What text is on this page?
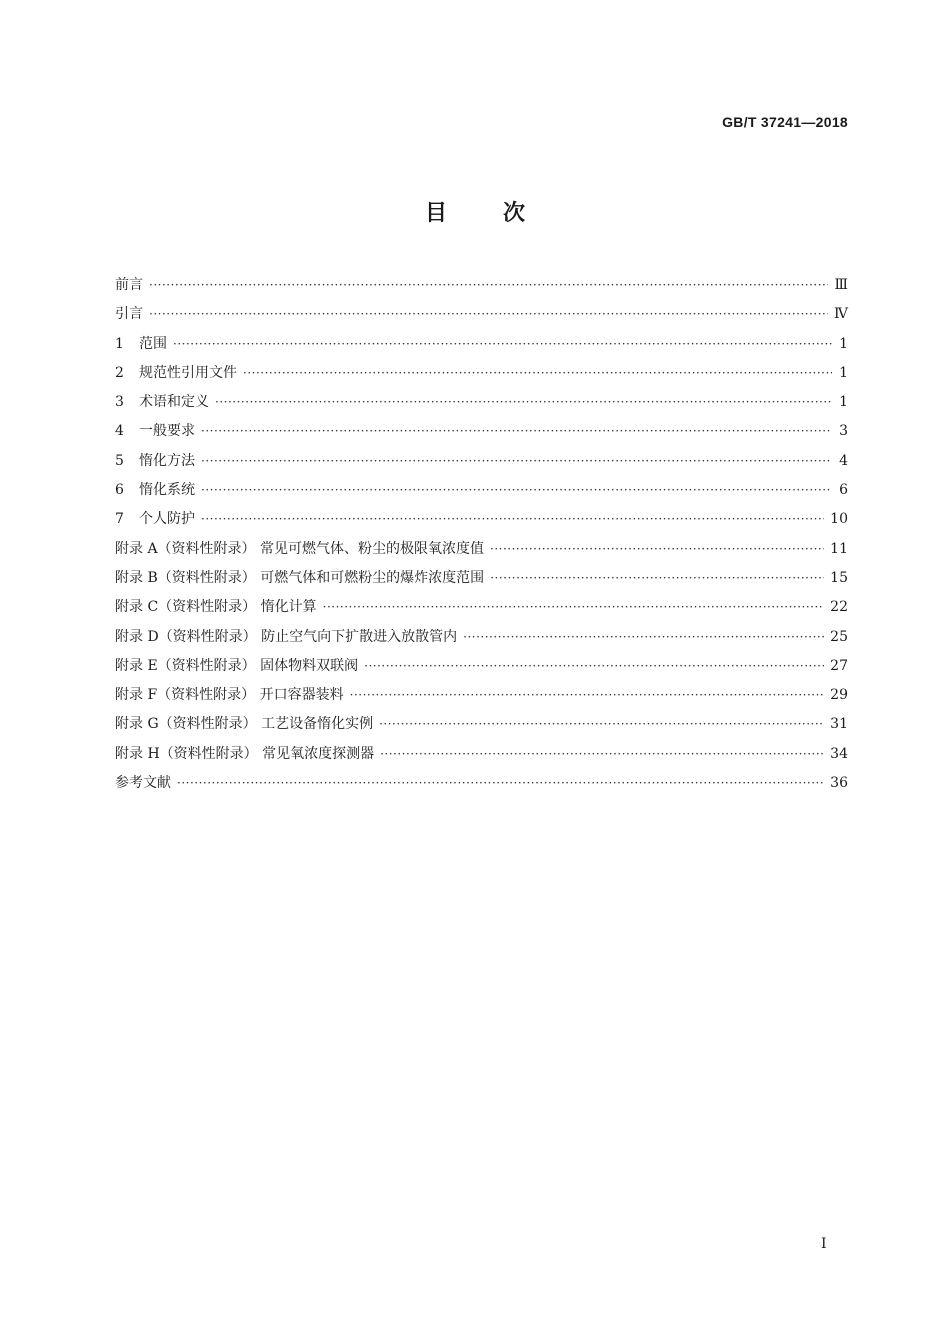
GB/T 37241—2018
目次
前言 ·····	Ⅲ
引言 ·····	Ⅳ
1 范围 ·····	1
2 规范性引用文件 ·····	1
3 术语和定义 ·····	1
4 一般要求 ·····	3
5 惰化方法 ·····	4
6 惰化系统 ·····	6
7 个人防护 ·····	10
附录 A（资料性附录） 常见可燃气体、粉尘的极限氧浓度值 ·····	11
附录 B（资料性附录） 可燃气体和可燃粉尘的爆炸浓度范围 ·····	15
附录 C（资料性附录） 惰化计算 ·····	22
附录 D（资料性附录） 防止空气向下扩散进入放散管内 ·····	25
附录 E（资料性附录） 固体物料双联阀 ·····	27
附录 F（资料性附录） 开口容器装料 ·····	29
附录 G（资料性附录） 工艺设备惰化实例 ·····	31
附录 H（资料性附录） 常见氧浓度探测器 ·····	34
参考文献 ·····	36
I
